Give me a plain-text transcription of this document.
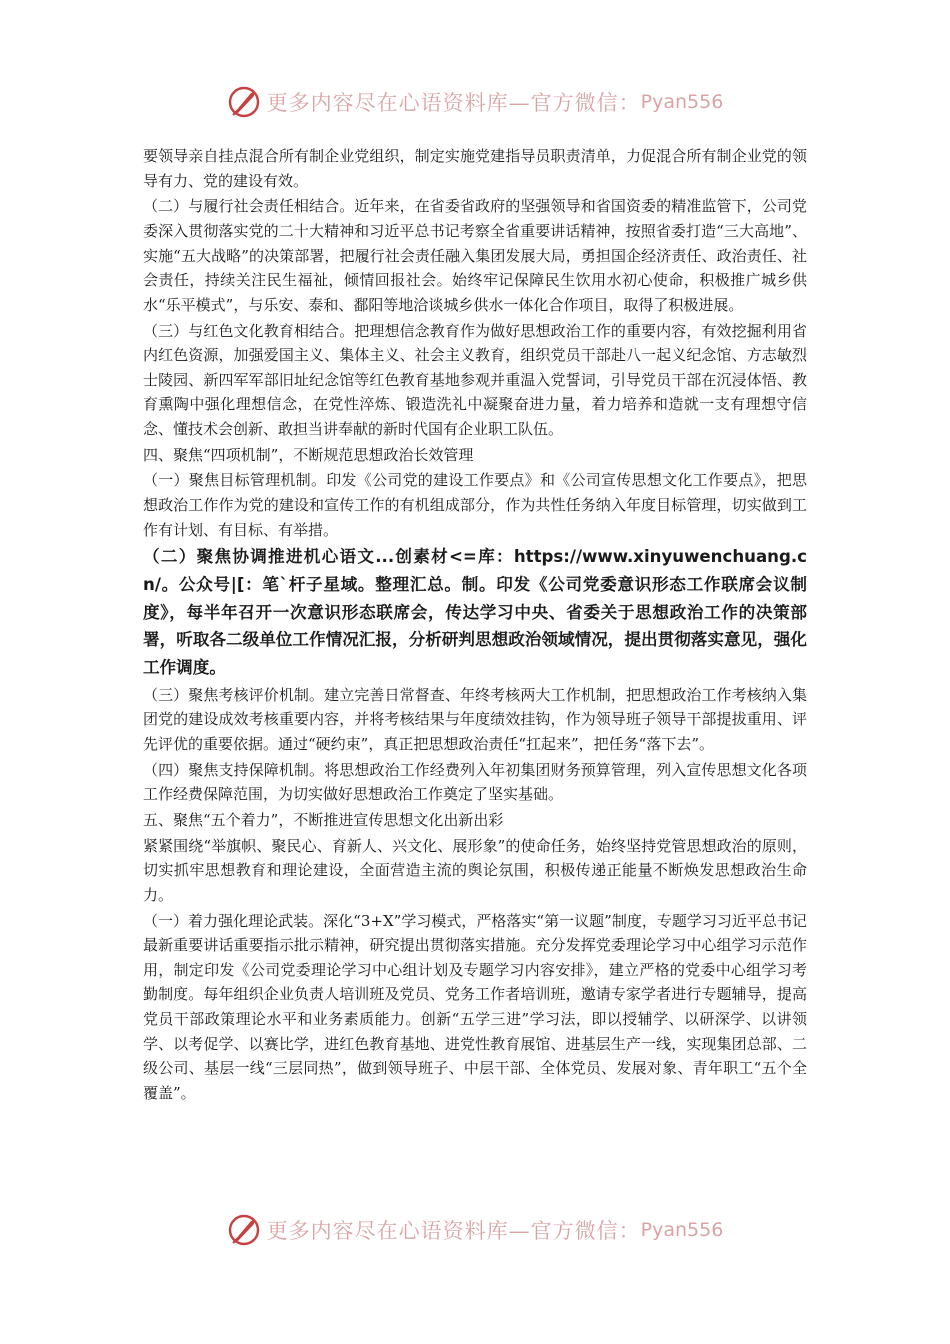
更多内容尽在心语资料库—官方微信： Pyan556

要领导亲自挂点混合所有制企业党组织，制定实施党建指导员职责清单，力促混合所有制企业党的领导有力、党的建设有效。

（二）与履行社会责任相结合。近年来，在省委省政府的坚强领导和省国资委的精准监管下，公司党委深入贯彻落实党的二十大精神和习近平总书记考察全省重要讲话精神，按照省委打造“三大高地”、实施“五大战略”的决策部署，把履行社会责任融入集团发展大局，勇担国企经济责任、政治责任、社会责任，持续关注民生福祉，倾情回报社会。始终牢记保障民生饮用水初心使命，积极推广城乡供水“乐平模式”，与乐安、泰和、鄱阳等地洽谈城乡供水一体化合作项目，取得了积极进展。

（三）与红色文化教育相结合。把理想信念教育作为做好思想政治工作的重要内容，有效挖掘利用省内红色资源，加强爱国主义、集体主义、社会主义教育，组织党员干部赴八一起义纪念馆、方志敏烈士陵园、新四军军部旧址纪念馆等红色教育基地参观并重温入党誓词，引导党员干部在沉浸体悟、教育熏陶中强化理想信念，在党性淬炼、锻造洗礼中凝聚奋进力量，着力培养和造就一支有理想守信念、懂技术会创新、敢担当讲奉献的新时代国有企业职工队伍。

四、聚焦“四项机制”，不断规范思想政治长效管理

（一）聚焦目标管理机制。印发《公司党的建设工作要点》和《公司宣传思想文化工作要点》，把思想政治工作作为党的建设和宣传工作的有机组成部分，作为共性任务纳入年度目标管理，切实做到工作有计划、有目标、有举措。

（二）聚焦协调推进机心语文...创素材<=库：https://www.xinyuwenchuang.cn/。公众号|[：笔`杆子星域。整理汇总。制。印发《公司党委意识形态工作联席会议制度》，每半年召开一次意识形态联席会，传达学习中央、省委关于思想政治工作的决策部署，听取各二级单位工作情况汇报，分析研判思想政治领域情况，提出贯彻落实意见，强化工作调度。

（三）聚焦考核评价机制。建立完善日常督查、年终考核两大工作机制，把思想政治工作考核纳入集团党的建设成效考核重要内容，并将考核结果与年度绩效挂钩，作为领导班子领导干部提拔重用、评先评优的重要依据。通过“硬约束”，真正把思想政治责任“扛起来”，把任务“落下去”。

（四）聚焦支持保障机制。将思想政治工作经费列入年初集团财务预算管理，列入宣传思想文化各项工作经费保障范围，为切实做好思想政治工作奠定了坚实基础。

五、聚焦“五个着力”，不断推进宣传思想文化出新出彩

紧紧围绕“举旗帜、聚民心、育新人、兴文化、展形象”的使命任务，始终坚持党管思想政治的原则，切实抓牢思想教育和理论建设，全面营造主流的舆论氛围，积极传递正能量不断焕发思想政治生命力。

（一）着力强化理论武装。深化“3+X”学习模式，严格落实“第一议题”制度，专题学习习近平总书记最新重要讲话重要指示批示精神，研究提出贯彻落实措施。充分发挥党委理论学习中心组学习示范作用，制定印发《公司党委理论学习中心组计划及专题学习内容安排》，建立严格的党委中心组学习考勤制度。每年组织企业负责人培训班及党员、党务工作者培训班，邀请专家学者进行专题辅导，提高党员干部政策理论水平和业务素质能力。创新“五学三进”学习法，即以授辅学、以研深学、以讲领学、以考促学、以赛比学，进红色教育基地、进党性教育展馆、进基层生产一线，实现集团总部、二级公司、基层一线“三层同热”，做到领导班子、中层干部、全体党员、发展对象、青年职工“五个全覆盖”。

更多内容尽在心语资料库—官方微信： Pyan556
